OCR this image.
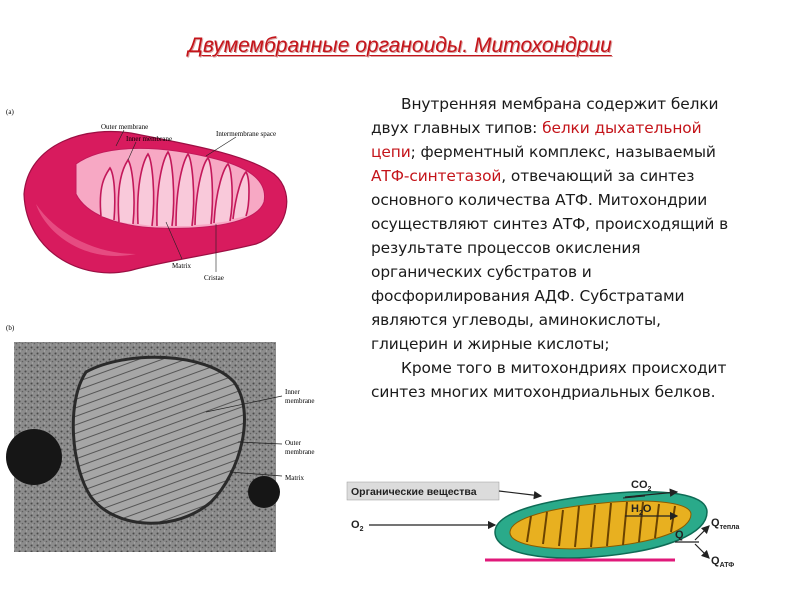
Двумембранные органоиды. Митохондрии
(a)
Outer membrane
Inner membrane
Intermembrane space
Matrix
Cristae
(b)
Inner
membrane
Outer
membrane
Matrix

Внутренняя мембрана содержит белки двух главных типов: белки дыхательной цепи; ферментный комплекс, называемый АТФ-синтетазой, отвечающий за синтез основного количества АТФ. Митохондрии осуществляют синтез АТФ, происходящий в результате процессов окисления органических субстратов и фосфорилирования АДФ. Субстратами являются углеводы, аминокислоты, глицерин и жирные кислоты;

Кроме того в митохондриях происходит синтез многих митохондриальных белков.

Органические вещества
$O_2$
$CO_2$
$H_2O$
Q
$Q_{тепла}$
$Q_{АТФ}$
